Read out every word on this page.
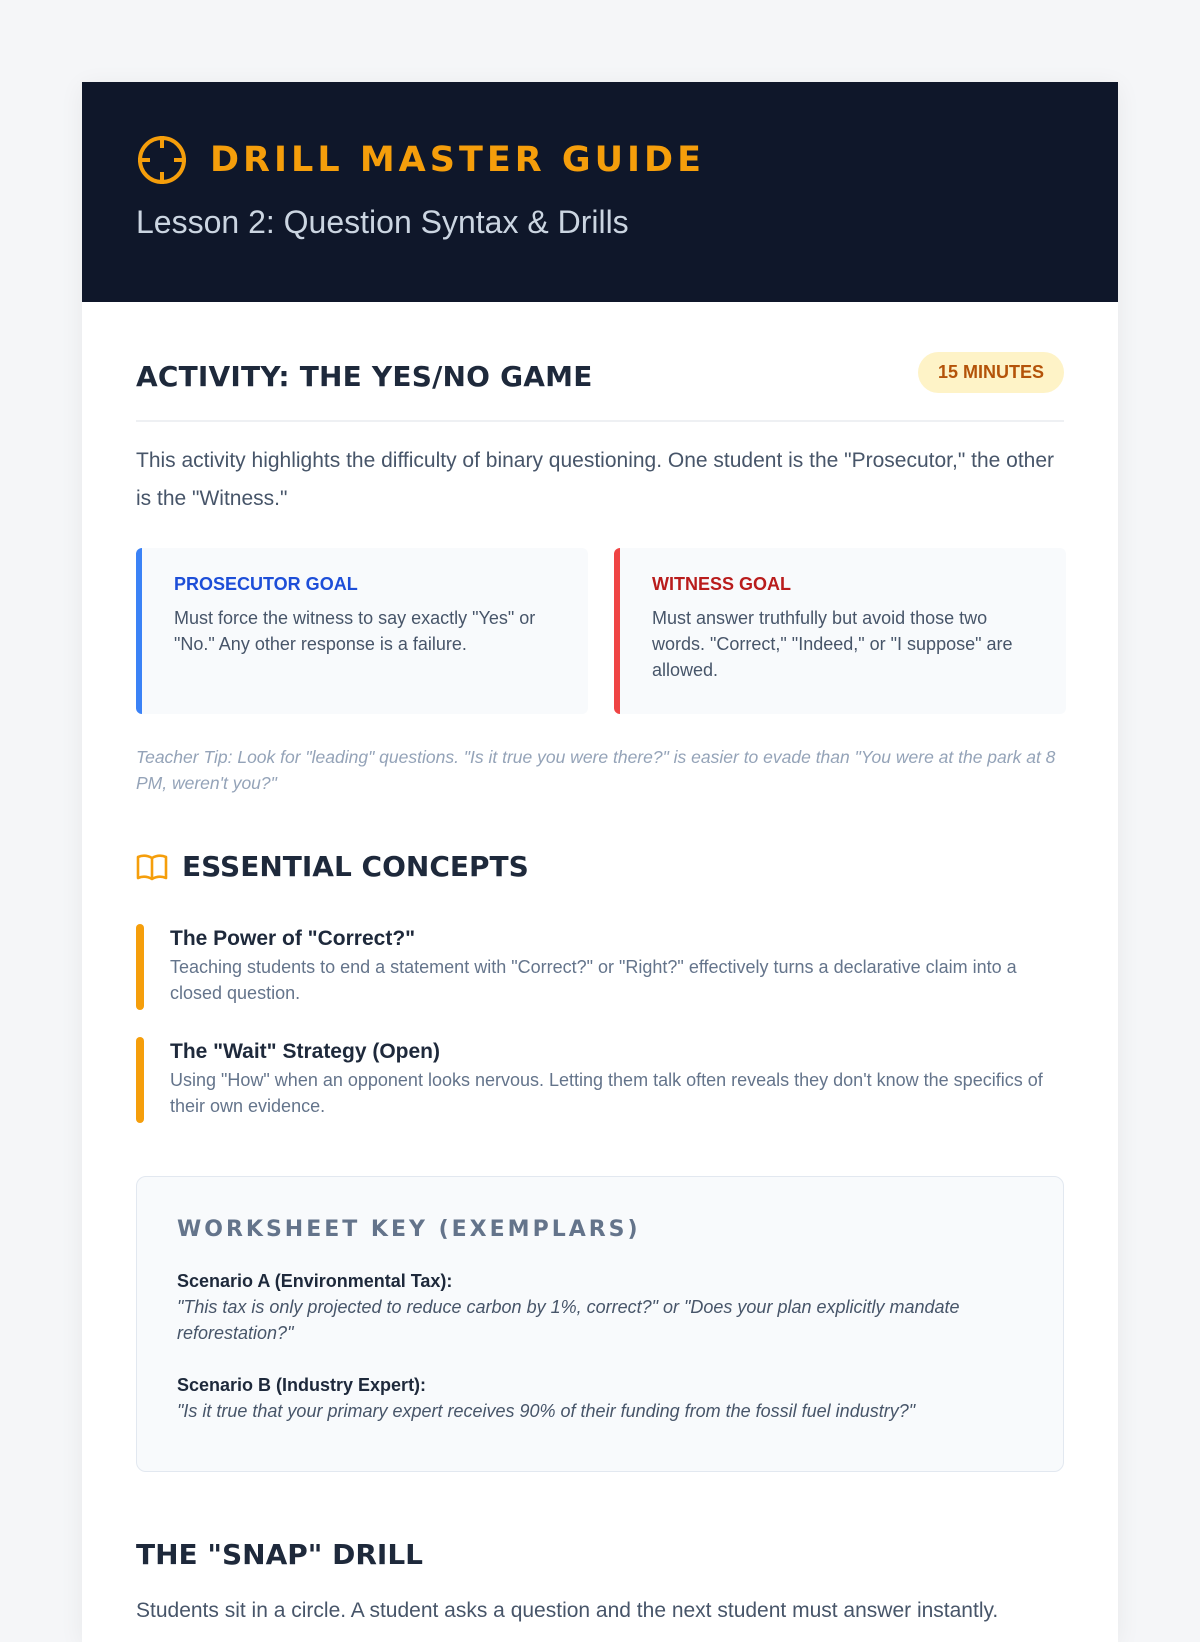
DRILL MASTER GUIDE
Lesson 2: Question Syntax & Drills
ACTIVITY: THE YES/NO GAME	15 MINUTES
This activity highlights the difficulty of binary questioning. One student is the "Prosecutor," the other is the "Witness."
PROSECUTOR GOAL
Must force the witness to say exactly "Yes" or "No." Any other response is a failure.
WITNESS GOAL
Must answer truthfully but avoid those two words. "Correct," "Indeed," or "I suppose" are allowed.
Teacher Tip: Look for "leading" questions. "Is it true you were there?" is easier to evade than "You were at the park at 8 PM, weren't you?"
ESSENTIAL CONCEPTS
The Power of "Correct?"
Teaching students to end a statement with "Correct?" or "Right?" effectively turns a declarative claim into a closed question.
The "Wait" Strategy (Open)
Using "How" when an opponent looks nervous. Letting them talk often reveals they don't know the specifics of their own evidence.
WORKSHEET KEY (EXEMPLARS)
Scenario A (Environmental Tax):
"This tax is only projected to reduce carbon by 1%, correct?" or "Does your plan explicitly mandate reforestation?"
Scenario B (Industry Expert):
"Is it true that your primary expert receives 90% of their funding from the fossil fuel industry?"
THE "SNAP" DRILL
Students sit in a circle. A student asks a question and the next student must answer instantly.
